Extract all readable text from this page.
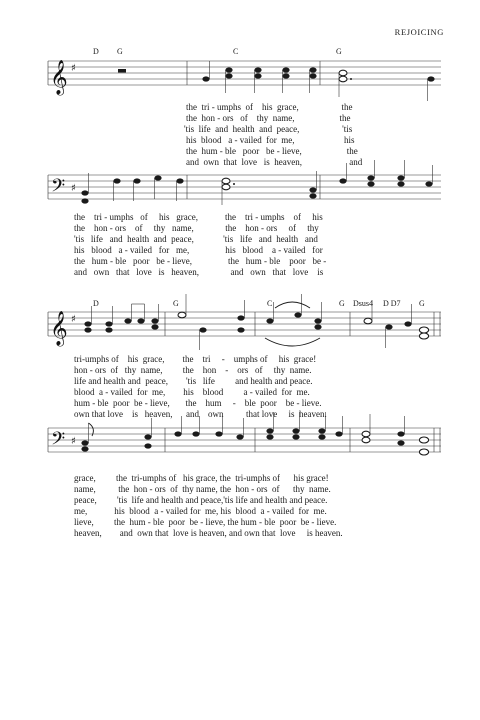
REJOICING
D G	C	G
𝄞 ♯
the  tri - umphs  of    his  grace,                   the
the  hon - ors   of    thy  name,                    the
'tis  life  and  health  and  peace,                   'tis
his  blood   a - vailed  for  me,                      his
the  hum - ble   poor   be - lieve,                    the
and  own  that  love   is  heaven,                     and
𝄢 ♯
the    tri - umphs   of     his   grace,            the    tri - umphs    of     his
the    hon - ors    of     thy   name,              the    hon - ors     of     thy
'tis   life   and  health  and  peace,             'tis   life   and  health   and
his   blood   a - vailed   for   me,                his   blood    a - vailed   for
the   hum - ble   poor   be - lieve,                the   hum - ble    poor   be -
and   own   that   love   is   heaven,              and   own   that   love    is
D	G	C	G Dsus4 D D7 G
𝄞 ♯
tri-umphs of    his  grace,        the    tri     -    umphs of     his  grace!
hon - ors  of   thy  name,         the    hon    -    ors   of     thy  name.
life and health and  peace,        'tis   life         and health and peace.
blood  a - vailed  for  me,        his    blood         a - vailed  for  me.
hum - ble  poor  be - lieve,       the    hum     -    ble  poor    be - lieve.
own that love    is   heaven,      and    own          that love     is  heaven.
𝄢 ♯
grace,         the  tri-umphs of   his grace, the  tri-umphs of      his grace!
name,          the  hon - ors  of  thy name, the  hon - ors  of      thy  name.
peace,         'tis  life and health and peace,'tis life and health and peace.
me,            his  blood  a - vailed for  me, his  blood  a - vailed  for  me.
lieve,         the  hum - ble  poor  be - lieve, the hum - ble  poor  be - lieve.
heaven,        and  own that  love is heaven, and own that  love     is heaven.
